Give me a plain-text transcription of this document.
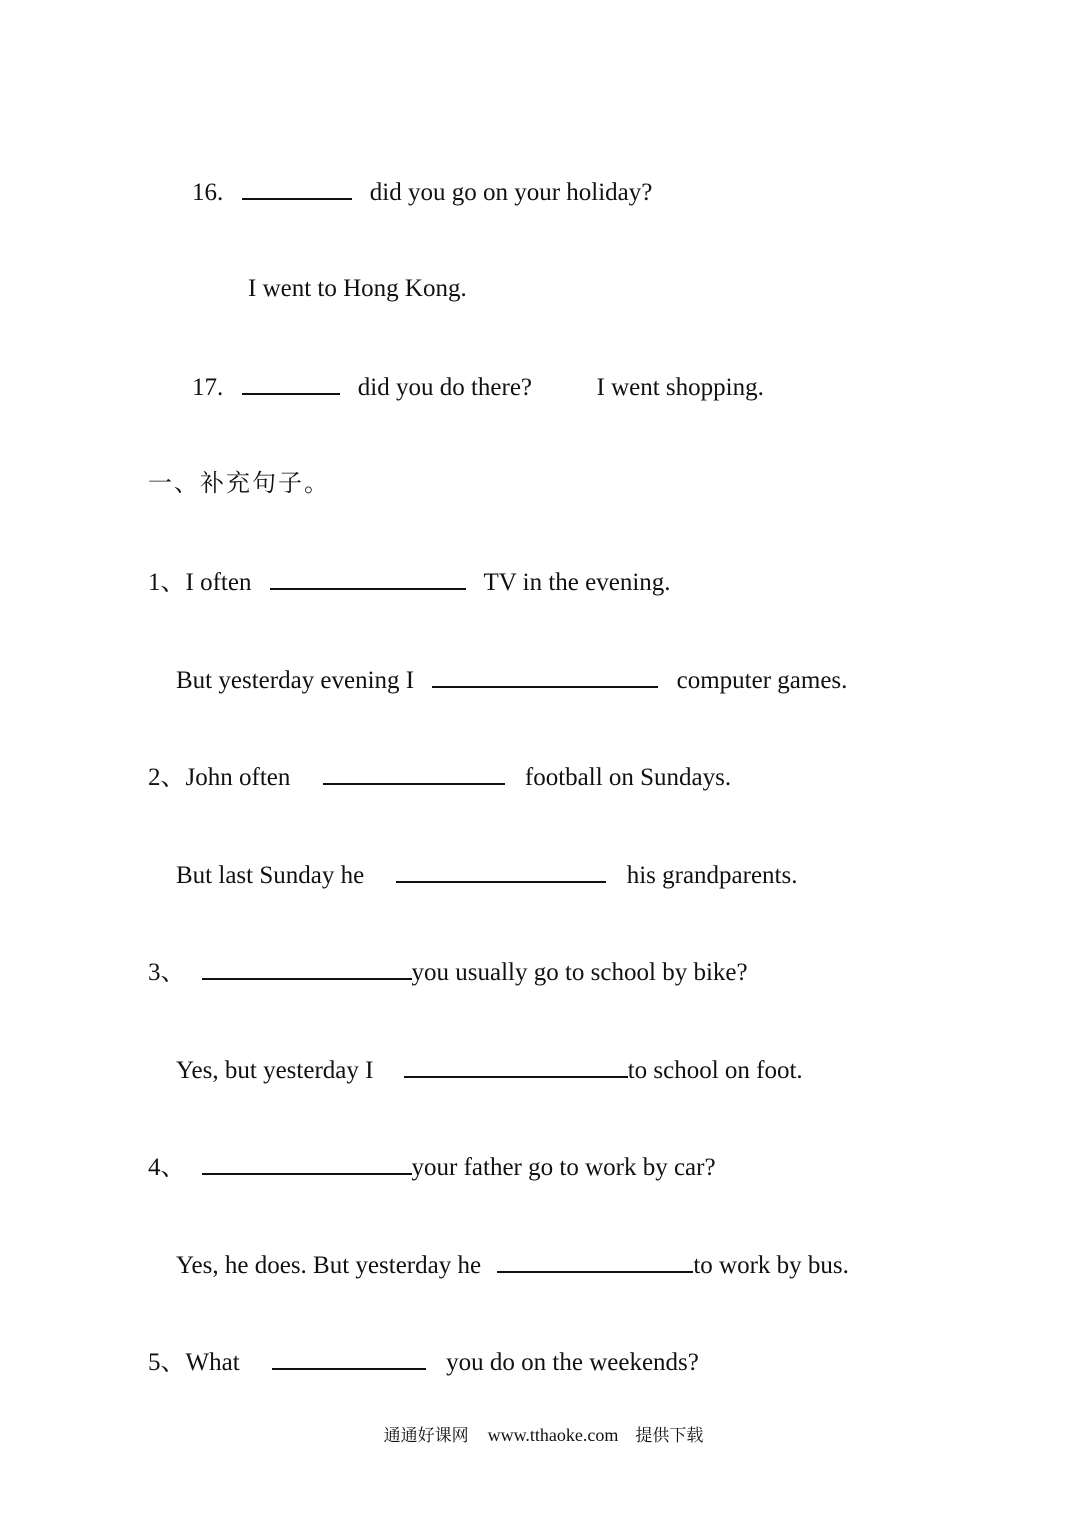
16.	did you go on your holiday?
I went to Hong Kong.
17.	did you do there?	I went shopping.
一、补充句子。
1、I often	TV in the evening.
But yesterday evening I	computer games.
2、John often	football on Sundays.
But last Sunday he	his grandparents.
3、	you usually go to school by bike?
Yes, but yesterday I	to school on foot.
4、	your father go to work by car?
Yes, he does. But yesterday he	to work by bus.
5、What	you do on the weekends?
通通好课网 www.tthaoke.com 提供下载
